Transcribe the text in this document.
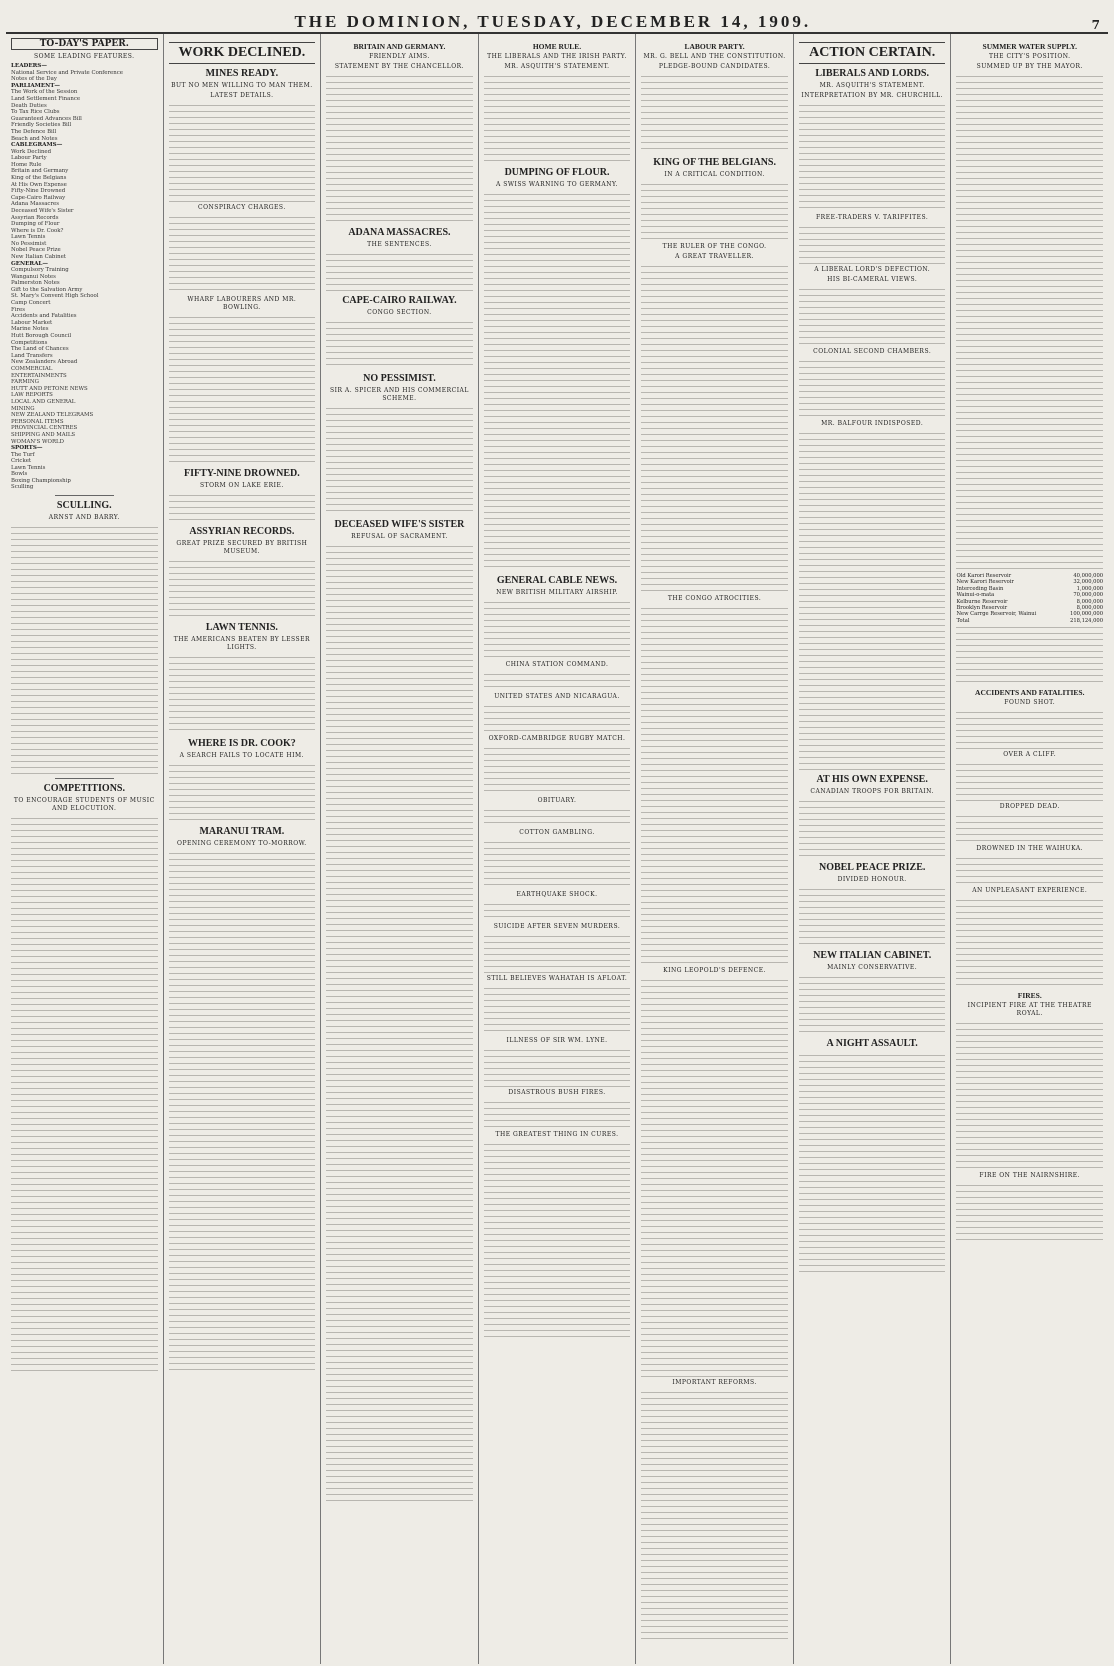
THE DOMINION, TUESDAY, DECEMBER 14, 1909.	7
TO-DAY'S PAPER.
SOME LEADING FEATURES.
LEADERS—
National Service and Private Conference
Notes of the Day
PARLIAMENT—
The Work of the Session
Land Settlement Finance
Death Duties
To Tax Rice Clubs
Guaranteed Advances Bill
Friendly Societies Bill
The Defence Bill
Beach and Notes
CABLEGRAMS—
Work Declined
Labour Party
Home Rule
Britain and Germany
King of the Belgians
At His Own Expense
Fifty-Nine Drowned
Cape-Cairo Railway
Adana Massacres
Deceased Wife's Sister
Assyrian Records
Dumping of Flour
Where is Dr. Cook?
Lawn Tennis
No Pessimist
Nobel Peace Prize
New Italian Cabinet
GENERAL—
Compulsory Training
Wanganui Notes
Palmerston Notes
Gift to the Salvation Army
St. Mary's Convent High School
Camp Concert
Fires
Accidents and Fatalities
Labour Market
Marine Notes
Hutt Borough Council
Competitions
The Land of Chances
Land Transfers
New Zealanders Abroad
COMMERCIAL
ENTERTAINMENTS
FARMING
HUTT AND PETONE NEWS
LAW REPORTS
LOCAL AND GENERAL
MINING
NEW ZEALAND TELEGRAMS
PERSONAL ITEMS
PROVINCIAL CENTRES
SHIPPING AND MAILS
WOMAN'S WORLD
SPORTS—
The Turf
Cricket
Lawn Tennis
Bowls
Boxing Championship
Sculling
SCULLING.
ARNST AND BARRY.
COMPETITIONS.
TO ENCOURAGE STUDENTS OF MUSIC AND ELOCUTION.
WORK DECLINED.
MINES READY.
BUT NO MEN WILLING TO MAN THEM.
LATEST DETAILS.
CONSPIRACY CHARGES.
WHARF LABOURERS AND MR. BOWLING.
FIFTY-NINE DROWNED.
STORM ON LAKE ERIE.
ASSYRIAN RECORDS.
GREAT PRIZE SECURED BY BRITISH MUSEUM.
LAWN TENNIS.
THE AMERICANS BEATEN BY LESSER LIGHTS.
WHERE IS DR. COOK?
A SEARCH FAILS TO LOCATE HIM.
MARANUI TRAM.
OPENING CEREMONY TO-MORROW.
BRITAIN AND GERMANY.
FRIENDLY AIMS.
STATEMENT BY THE CHANCELLOR.
ADANA MASSACRES.
THE SENTENCES.
CAPE-CAIRO RAILWAY.
CONGO SECTION.
NO PESSIMIST.
SIR A. SPICER AND HIS COMMERCIAL SCHEME.
DECEASED WIFE'S SISTER
REFUSAL OF SACRAMENT.
HOME RULE.
THE LIBERALS AND THE IRISH PARTY.
MR. ASQUITH'S STATEMENT.
DUMPING OF FLOUR.
A SWISS WARNING TO GERMANY.
GENERAL CABLE NEWS.
NEW BRITISH MILITARY AIRSHIP.
CHINA STATION COMMAND.
UNITED STATES AND NICARAGUA.
OXFORD-CAMBRIDGE RUGBY MATCH.
OBITUARY.
COTTON GAMBLING.
EARTHQUAKE SHOCK.
SUICIDE AFTER SEVEN MURDERS.
STILL BELIEVES WAHATAH IS AFLOAT.
ILLNESS OF SIR WM. LYNE.
DISASTROUS BUSH FIRES.
THE GREATEST THING IN CURES.
LABOUR PARTY.
MR. G. BELL AND THE CONSTITUTION.
PLEDGE-BOUND CANDIDATES.
KING OF THE BELGIANS.
IN A CRITICAL CONDITION.
THE RULER OF THE CONGO.
A GREAT TRAVELLER.
THE CONGO ATROCITIES.
KING LEOPOLD'S DEFENCE.
IMPORTANT REFORMS.
ACTION CERTAIN.
LIBERALS AND LORDS.
MR. ASQUITH'S STATEMENT.
INTERPRETATION BY MR. CHURCHILL.
FREE-TRADERS V. TARIFFITES.
A LIBERAL LORD'S DEFECTION.
HIS BI-CAMERAL VIEWS.
COLONIAL SECOND CHAMBERS.
MR. BALFOUR INDISPOSED.
AT HIS OWN EXPENSE.
CANADIAN TROOPS FOR BRITAIN.
NOBEL PEACE PRIZE.
DIVIDED HONOUR.
NEW ITALIAN CABINET.
MAINLY CONSERVATIVE.
A NIGHT ASSAULT.
SUMMER WATER SUPPLY.
THE CITY'S POSITION.
SUMMED UP BY THE MAYOR.
Old Karori Reservoir	40,000,000
New Karori Reservoir	32,000,000
Interceding Basin	1,000,000
Wainui-o-mata	70,000,000
Kelburne Reservoir	8,000,000
Brooklyn Reservoir	8,000,000
New Carrge Reservoir, Wainui	100,000,000
Total	218,124,000
ACCIDENTS AND FATALITIES.
FOUND SHOT.
OVER A CLIFF.
DROPPED DEAD.
DROWNED IN THE WAIHUKA.
AN UNPLEASANT EXPERIENCE.
FIRES.
INCIPIENT FIRE AT THE THEATRE ROYAL.
FIRE ON THE NAIRNSHIRE.
